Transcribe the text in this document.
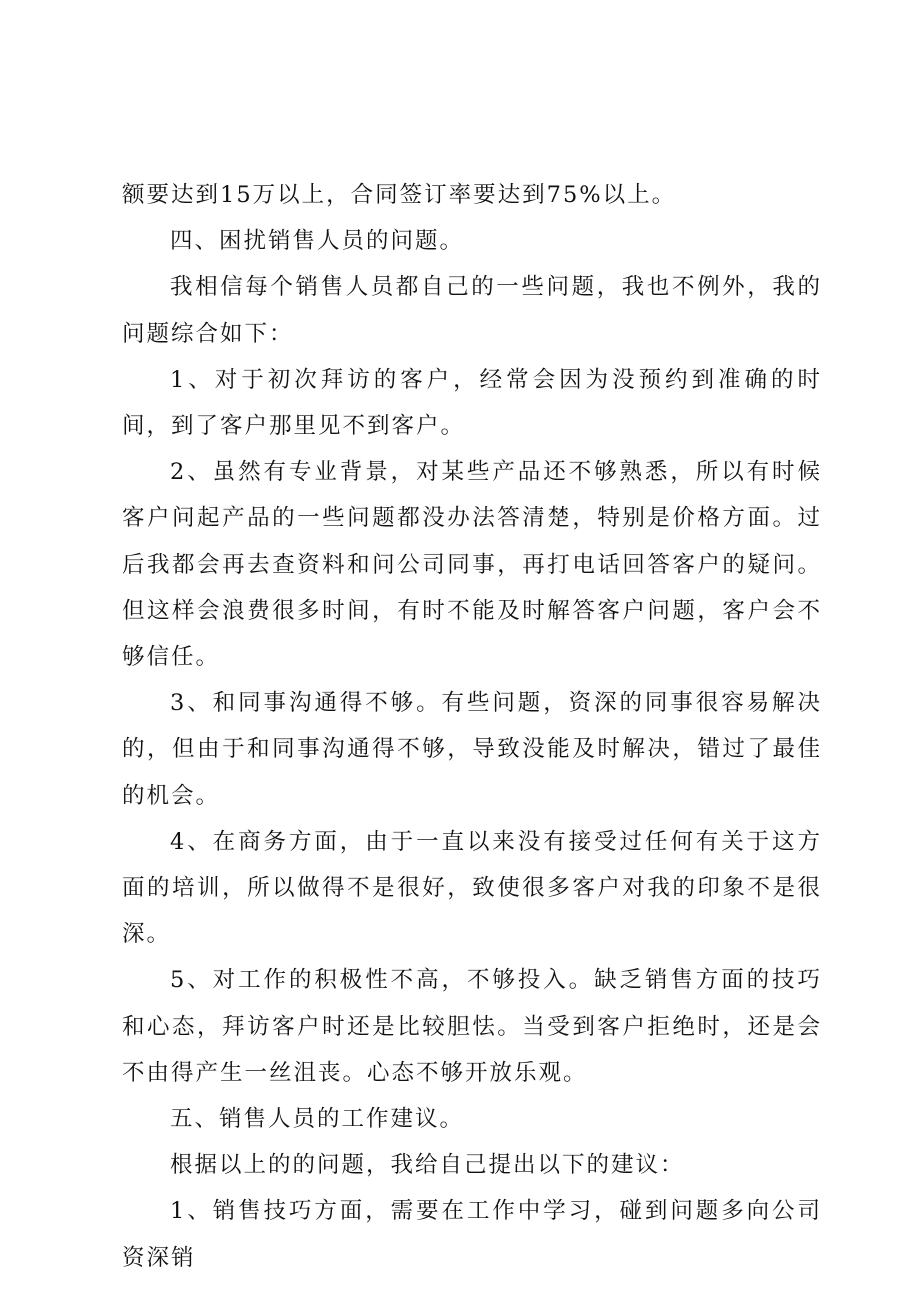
额要达到15万以上，合同签订率要达到75%以上。

四、困扰销售人员的问题。

我相信每个销售人员都自己的一些问题，我也不例外，我的问题综合如下：

1、对于初次拜访的客户，经常会因为没预约到准确的时间，到了客户那里见不到客户。

2、虽然有专业背景，对某些产品还不够熟悉，所以有时候客户问起产品的一些问题都没办法答清楚，特别是价格方面。过后我都会再去查资料和问公司同事，再打电话回答客户的疑问。但这样会浪费很多时间，有时不能及时解答客户问题，客户会不够信任。

3、和同事沟通得不够。有些问题，资深的同事很容易解决的，但由于和同事沟通得不够，导致没能及时解决，错过了最佳的机会。

4、在商务方面，由于一直以来没有接受过任何有关于这方面的培训，所以做得不是很好，致使很多客户对我的印象不是很深。

5、对工作的积极性不高，不够投入。缺乏销售方面的技巧和心态，拜访客户时还是比较胆怯。当受到客户拒绝时，还是会不由得产生一丝沮丧。心态不够开放乐观。

五、销售人员的工作建议。

根据以上的的问题，我给自己提出以下的建议：

1、销售技巧方面，需要在工作中学习，碰到问题多向公司资深销
